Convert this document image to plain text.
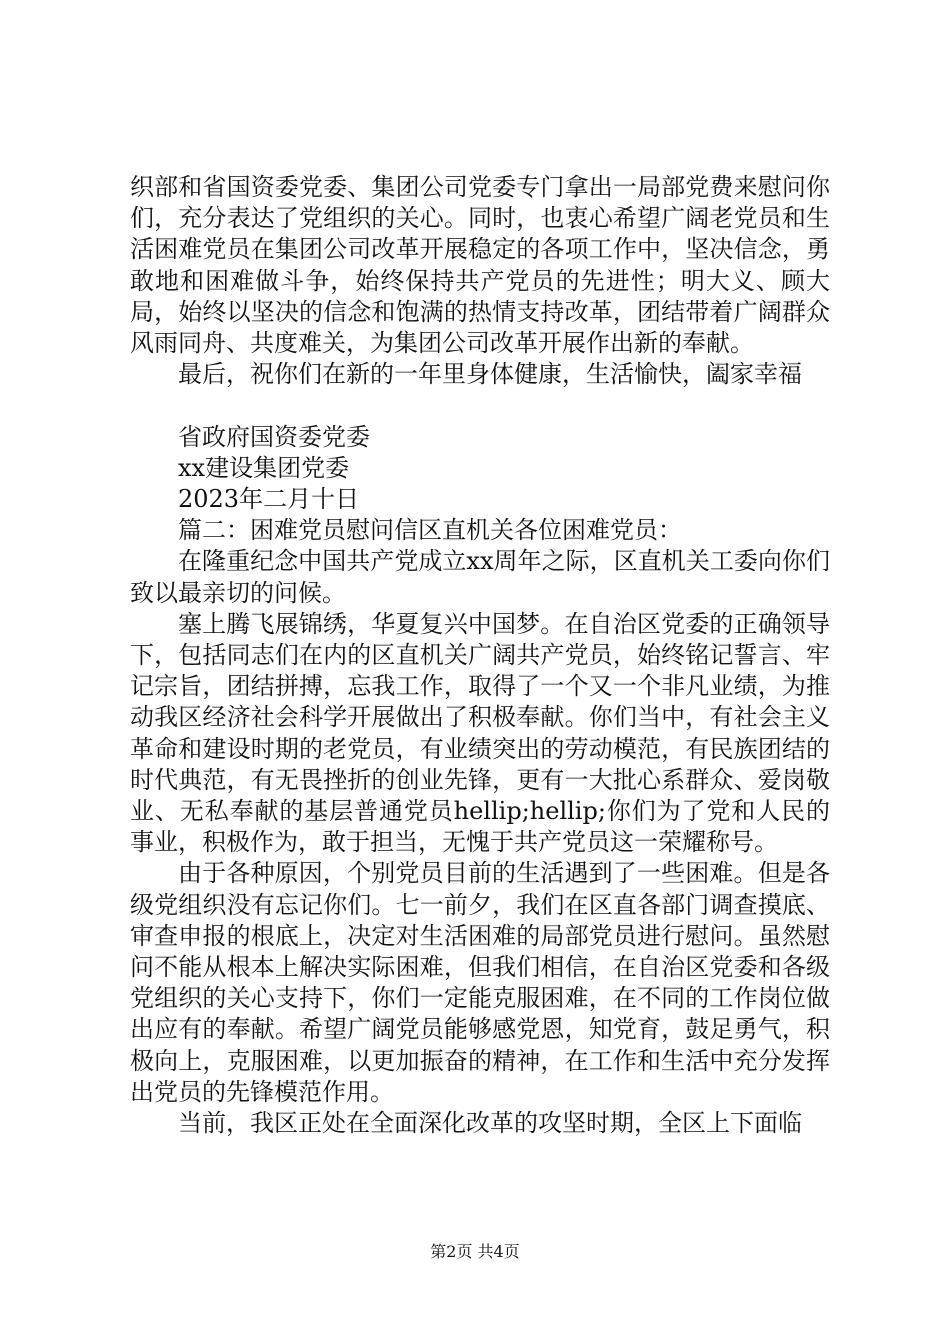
织部和省国资委党委、集团公司党委专门拿出一局部党费来慰问你们，充分表达了党组织的关心。同时，也衷心希望广阔老党员和生活困难党员在集团公司改革开展稳定的各项工作中，坚决信念，勇敢地和困难做斗争，始终保持共产党员的先进性；明大义、顾大局，始终以坚决的信念和饱满的热情支持改革，团结带着广阔群众风雨同舟、共度难关，为集团公司改革开展作出新的奉献。

最后，祝你们在新的一年里身体健康，生活愉快，阖家幸福

省政府国资委党委

xx建设集团党委

2023年二月十日

篇二：困难党员慰问信区直机关各位困难党员：

在隆重纪念中国共产党成立xx周年之际，区直机关工委向你们致以最亲切的问候。

塞上腾飞展锦绣，华夏复兴中国梦。在自治区党委的正确领导下，包括同志们在内的区直机关广阔共产党员，始终铭记誓言、牢记宗旨，团结拼搏，忘我工作，取得了一个又一个非凡业绩，为推动我区经济社会科学开展做出了积极奉献。你们当中，有社会主义革命和建设时期的老党员，有业绩突出的劳动模范，有民族团结的时代典范，有无畏挫折的创业先锋，更有一大批心系群众、爱岗敬业、无私奉献的基层普通党员hellip;hellip;你们为了党和人民的事业，积极作为，敢于担当，无愧于共产党员这一荣耀称号。

由于各种原因，个别党员目前的生活遇到了一些困难。但是各级党组织没有忘记你们。七一前夕，我们在区直各部门调查摸底、审查申报的根底上，决定对生活困难的局部党员进行慰问。虽然慰问不能从根本上解决实际困难，但我们相信，在自治区党委和各级党组织的关心支持下，你们一定能克服困难，在不同的工作岗位做出应有的奉献。希望广阔党员能够感党恩，知党育，鼓足勇气，积极向上，克服困难，以更加振奋的精神，在工作和生活中充分发挥出党员的先锋模范作用。

当前，我区正处在全面深化改革的攻坚时期，全区上下面临

第2页 共4页
